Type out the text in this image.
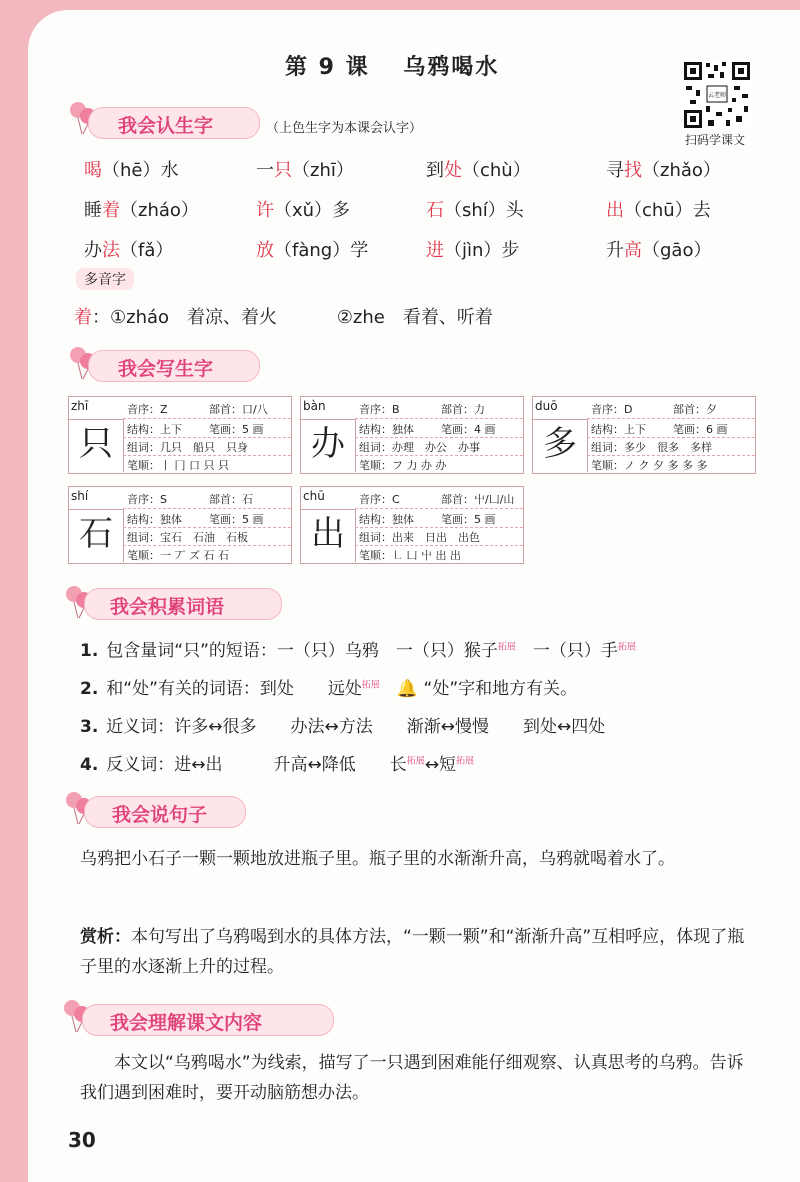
第 9 课　 乌鸦喝水
云老师
扫码学课文
我会认生字	（上色生字为本课会认字）
喝（hē）水	一只（zhī）	到处（chù）	寻找（zhǎo）
睡着（zháo）	许（xǔ）多	石（shí）头	出（chū）去
办法（fǎ）	放（fàng）学	进（jìn）步	升高（gāo）
多音字
着：①zháo　着凉、着火　　　	②zhe　看着、听着
我会写生字
zhī
只
音序：Z	部首：口/八
结构：上下 笔画：5 画
组词：几只　船只　只身
笔顺：丨 冂 口 只 只
bàn
办
音序：B	部首：力
结构：独体 笔画：4 画
组词：办理　办公　办事
笔顺：フ 力 办 办
duō
多
音序：D	部首：夕
结构：上下 笔画：6 画
组词：多少　很多　多样
笔顺：ノ ク 夕 多 多 多
shí
石
音序：S	部首：石
结构：独体 笔画：5 画
组词：宝石　石油　石板
笔顺：一 丆 ズ 石 石
chū
出
音序：C	部首：屮/凵/山
结构：独体 笔画：5 画
组词：出来　日出　出色
笔顺：㇗ 凵 屮 出 出
我会积累词语
1. 包含量词“只”的短语：一（只）乌鸦　一（只）猴子$^{拓展}$　一（只）手$^{拓展}$
2. 和“处”有关的词语：到处　　远处$^{拓展}$　🔔 “处”字和地方有关。
3. 近义词：许多↔很多　　办法↔方法　　渐渐↔慢慢　　到处↔四处
4. 反义词：进↔出　　　升高↔降低　　长$^{拓展}$↔短$^{拓展}$
我会说句子
乌鸦把小石子一颗一颗地放进瓶子里。瓶子里的水渐渐升高，乌鸦就喝着水了。
赏析：本句写出了乌鸦喝到水的具体方法，“一颗一颗”和“渐渐升高”互相呼应，体现了瓶子里的水逐渐上升的过程。
我会理解课文内容
本文以“乌鸦喝水”为线索，描写了一只遇到困难能仔细观察、认真思考的乌鸦。告诉我们遇到困难时，要开动脑筋想办法。
30
